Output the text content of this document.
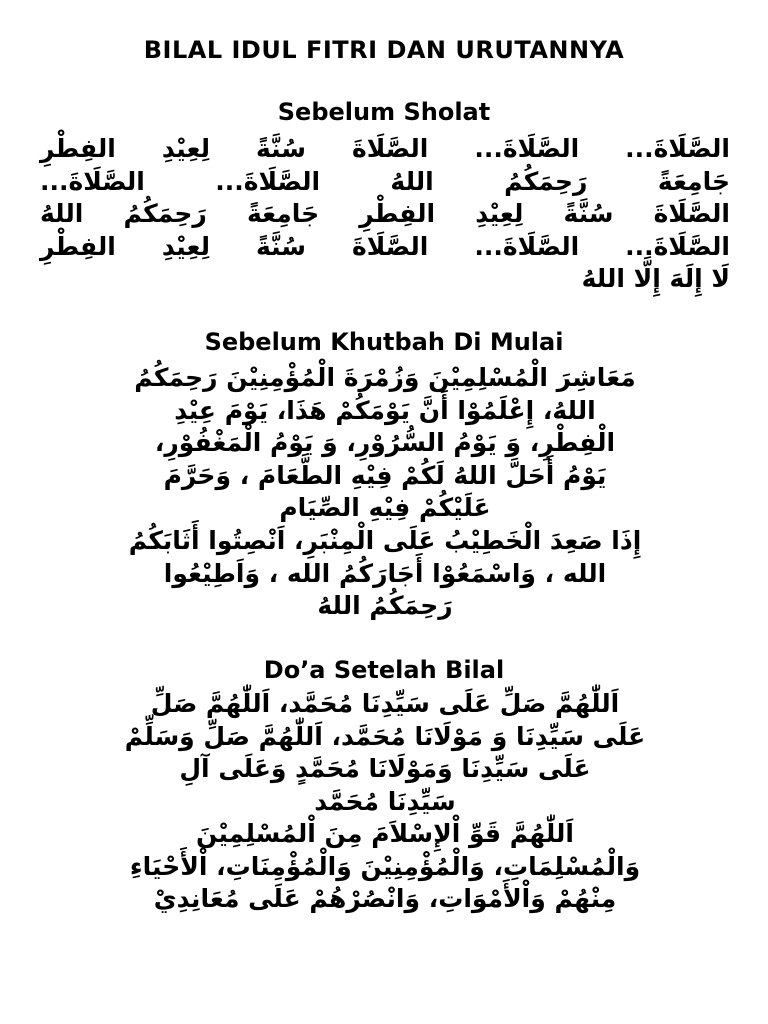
BILAL IDUL FITRI DAN URUTANNYA
Sebelum Sholat
الصَّلَاةَ... الصَّلَاةَ... الصَّلَاةَ سُنَّةً لِعِيْدِ الفِطْرِ
جَامِعَةً رَحِمَكُمُ اللهُ الصَّلَاةَ... الصَّلَاةَ...
الصَّلَاةَ سُنَّةً لِعِيْدِ الفِطْرِ جَامِعَةً رَحِمَكُمُ اللهُ
الصَّلَاةَ... الصَّلَاةَ... الصَّلَاةَ سُنَّةً لِعِيْدِ الفِطْرِ
لَا إِلَهَ إِلَّا اللهُ
Sebelum Khutbah Di Mulai
مَعَاشِرَ الْمُسْلِمِيْنَ وَزُمْرَةَ الْمُؤْمِنِيْنَ رَحِمَكُمُ
اللهُ، إِعْلَمُوْا أَنَّ يَوْمَكُمْ هَذَا، يَوْمَ عِيْدِ
الْفِطْرِ، وَ يَوْمُ السُّرُوْرِ، وَ يَوْمُ الْمَغْفُوْرِ،
يَوْمُ أَحَلَّ اللهُ لَكُمْ فِيْهِ الطَّعَامَ ، وَحَرَّمَ
عَلَيْكُمْ فِيْهِ الصِّيَام
إِذَا صَعِدَ الْخَطِيْبُ عَلَى الْمِنْبَرِ، اَنْصِتُوا أَثَابَكُمُ
الله ، وَاسْمَعُوْا أَجَارَكُمُ الله ، وَاَطِيْعُوا
رَحِمَكُمُ اللهُ
Do’a Setelah Bilal
اَللّٰهُمَّ صَلِّ عَلَى سَيِّدِنَا مُحَمَّد، اَللّٰهُمَّ صَلِّ
عَلَى سَيِّدِنَا وَ مَوْلَانَا مُحَمَّد، اَللّٰهُمَّ صَلِّ وَسَلِّمْ
عَلَى سَيِّدِنَا وَمَوْلَانَا مُحَمَّدٍ وَعَلَى آلِ
سَيِّدِنَا مُحَمَّد
اَللّٰهُمَّ قَوِّ اْلإِسْلاَمَ مِنَ اْلمُسْلِمِيْنَ
وَالْمُسْلِمَاتِ، وَالْمُؤْمِنِيْنَ وَالْمُؤْمِنَاتِ، اْلأَحْيَاءِ
مِنْهُمْ وَاْلأَمْوَاتِ، وَانْصُرْهُمْ عَلَى مُعَانِدِيْ
